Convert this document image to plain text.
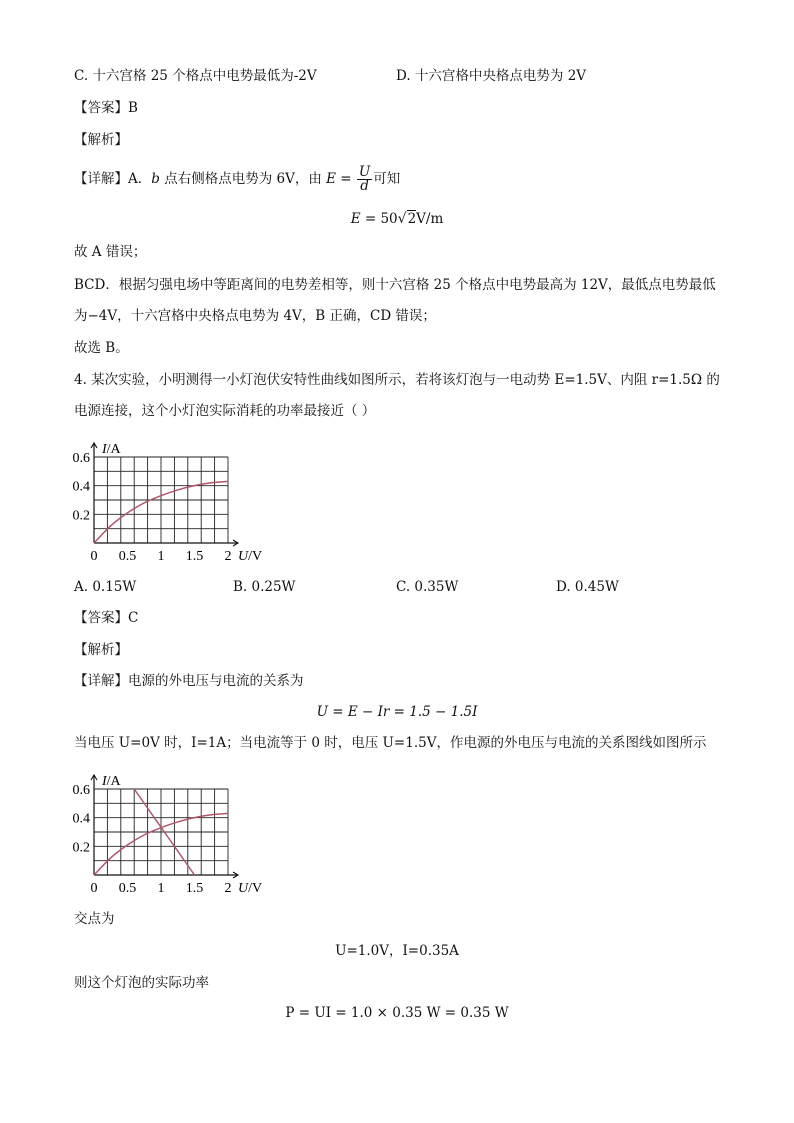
C. 十六宫格 25 个格点中电势最低为-2V	D. 十六宫格中央格点电势为 2V
【答案】B
【解析】
【详解】A．b 点右侧格点电势为 6V，由 $E = \frac{U}{d}$ 可知
E = 50√2V/m
故 A 错误；
BCD．根据匀强电场中等距离间的电势差相等，则十六宫格 25 个格点中电势最高为 12V，最低点电势最低
为−4V，十六宫格中央格点电势为 4V，B 正确，CD 错误；
故选 B。
4. 某次实验，小明测得一小灯泡伏安特性曲线如图所示，若将该灯泡与一电动势 E=1.5V、内阻 r=1.5Ω 的
电源连接，这个小灯泡实际消耗的功率最接近（ ）
I/A
U/V
0.2
0.4
0.6
0 0.5 1 1.5 2
A. 0.15W	B. 0.25W	C. 0.35W	D. 0.45W
【答案】C
【解析】
【详解】电源的外电压与电流的关系为
U = E − Ir = 1.5 − 1.5I
当电压 U=0V 时，I=1A；当电流等于 0 时，电压 U=1.5V，作电源的外电压与电流的关系图线如图所示
I/A
U/V
0.2
0.4
0.6
0 0.5 1 1.5 2
交点为
U=1.0V，I=0.35A
则这个灯泡的实际功率
P = UI = 1.0 × 0.35 W = 0.35 W
